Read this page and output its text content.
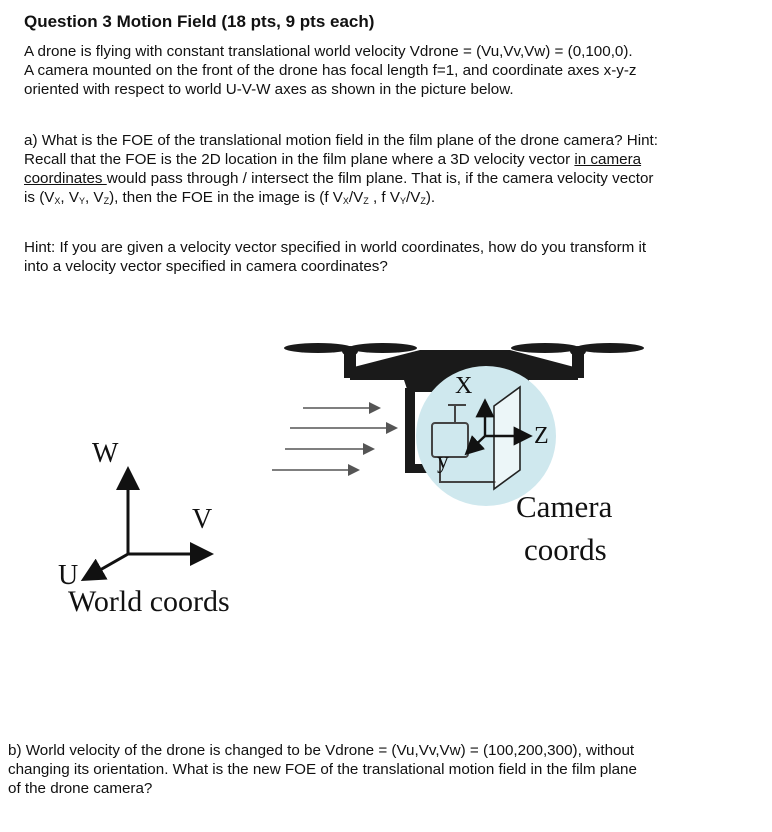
Question 3 Motion Field (18 pts, 9 pts each)
A drone is flying with constant translational world velocity Vdrone = (Vu,Vv,Vw) = (0,100,0).
A camera mounted on the front of the drone has focal length f=1, and coordinate axes x-y-z
oriented with respect to world U-V-W axes as shown in the picture below.
a) What is the FOE of the translational motion field in the film plane of the drone camera? Hint:
Recall that the FOE is the 2D location in the film plane where a 3D velocity vector in camera
coordinates would pass through / intersect the film plane. That is, if the camera velocity vector
is ($V_X$, $V_Y$, $V_Z$), then the FOE in the image is (f $V_X/V_Z$ , f $V_Y/V_Z$).
Hint: If you are given a velocity vector specified in world coordinates, how do you transform it
into a velocity vector specified in camera coordinates?
W
V
U
World coords
X
y
Z
Camera
coords
b) World velocity of the drone is changed to be Vdrone = (Vu,Vv,Vw) = (100,200,300), without
changing its orientation. What is the new FOE of the translational motion field in the film plane
of the drone camera?
